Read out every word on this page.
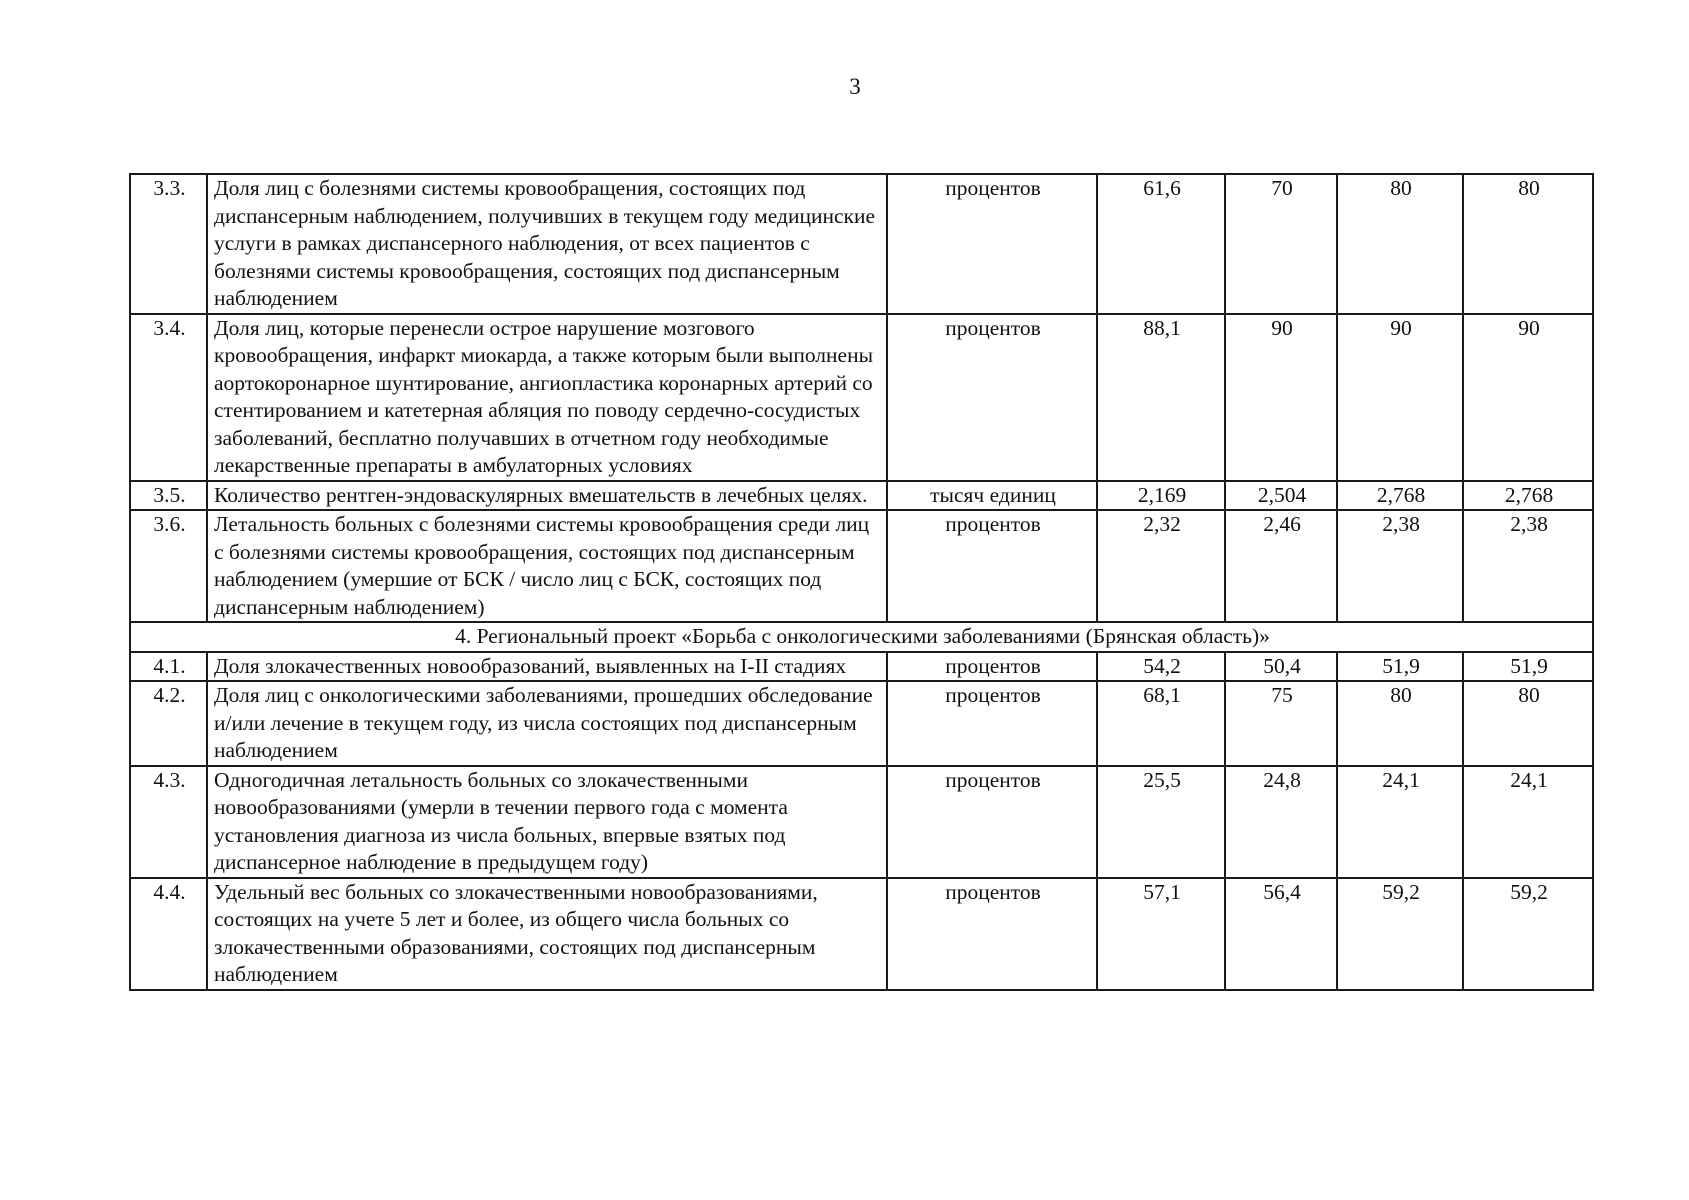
3
3.3.	Доля лиц с болезнями системы кровообращения, состоящих под диспансерным наблюдением, получивших в текущем году медицинские услуги в рамках диспансерного наблюдения, от всех пациентов с болезнями системы кровообращения, состоящих под диспансерным наблюдением	процентов	61,6	70	80	80
3.4.	Доля лиц, которые перенесли острое нарушение мозгового кровообращения, инфаркт миокарда, а также которым были выполнены аортокоронарное шунтирование, ангиопластика коронарных артерий со стентированием и катетерная абляция по поводу сердечно-сосудистых заболеваний, бесплатно получавших в отчетном году необходимые лекарственные препараты в амбулаторных условиях	процентов	88,1	90	90	90
3.5.	Количество рентген-эндоваскулярных вмешательств в лечебных целях.	тысяч единиц	2,169	2,504	2,768	2,768
3.6.	Летальность больных с болезнями системы кровообращения среди лиц с болезнями системы кровообращения, состоящих под диспансерным наблюдением (умершие от БСК / число лиц с БСК, состоящих под диспансерным наблюдением)	процентов	2,32	2,46	2,38	2,38
4. Региональный проект «Борьба с онкологическими заболеваниями (Брянская область)»						
4.1.	Доля злокачественных новообразований, выявленных на I-II стадиях	процентов	54,2	50,4	51,9	51,9
4.2.	Доля лиц с онкологическими заболеваниями, прошедших обследование и/или лечение в текущем году, из числа состоящих под диспансерным наблюдением	процентов	68,1	75	80	80
4.3.	Одногодичная летальность больных со злокачественными новообразованиями (умерли в течении первого года с момента установления диагноза из числа больных, впервые взятых под диспансерное наблюдение в предыдущем году)	процентов	25,5	24,8	24,1	24,1
4.4.	Удельный вес больных со злокачественными новообразованиями, состоящих на учете 5 лет и более, из общего числа больных со злокачественными образованиями, состоящих под диспансерным наблюдением	процентов	57,1	56,4	59,2	59,2
